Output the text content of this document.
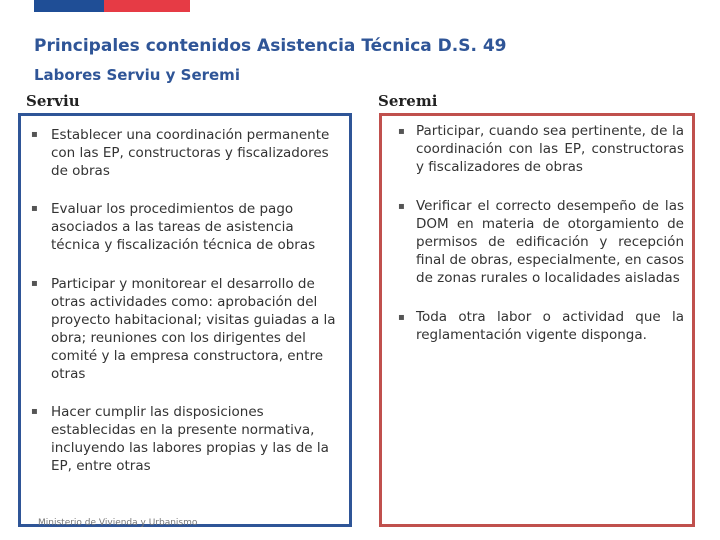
Principales contenidos Asistencia Técnica D.S. 49
Labores Serviu y Seremi
Serviu	Seremi
▪ Establecer una coordinación permanente con las EP, constructoras y fiscalizadores de obras
▪ Evaluar los procedimientos de pago asociados a las tareas de asistencia técnica y fiscalización técnica de obras
▪ Participar y monitorear el desarrollo de otras actividades como: aprobación del proyecto habitacional; visitas guiadas a la obra; reuniones con los dirigentes del comité y la empresa constructora, entre otras
▪ Hacer cumplir las disposiciones establecidas en la presente normativa, incluyendo las labores propias y las de la EP, entre otras
▪ Participar, cuando sea pertinente, de la coordinación con las EP, constructoras y fiscalizadores de obras
▪ Verificar el correcto desempeño de las DOM en materia de otorgamiento de permisos de edificación y recepción final de obras, especialmente, en casos de zonas rurales o localidades aisladas
▪ Toda otra labor o actividad que la reglamentación vigente disponga.

Ministerio de Vivienda y Urbanismo
